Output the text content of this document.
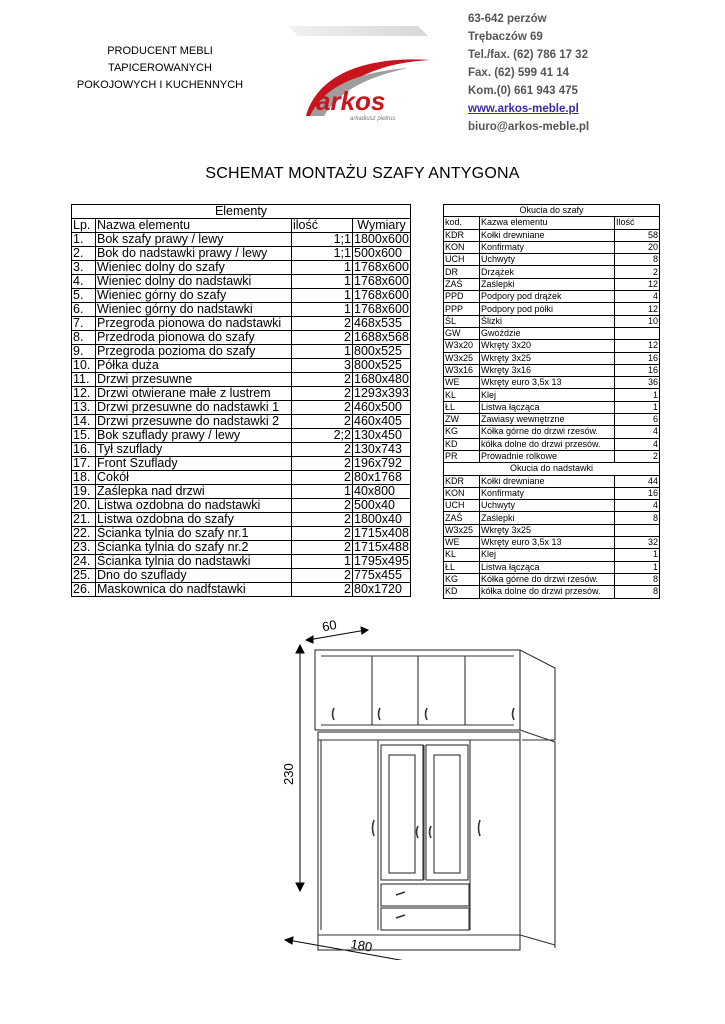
PRODUCENT MEBLI
TAPICEROWANYCH
POKOJOWYCH I KUCHENNYCH
arkos
arkadiusz pietrus
63-642 perzów
Trębaczów 69
Tel./fax. (62) 786 17 32
Fax. (62) 599 41 14
Kom.(0) 661 943 475
www.arkos-meble.pl
biuro@arkos-meble.pl
SCHEMAT MONTAŻU SZAFY ANTYGONA
Elementy			
Lp.	Nazwa elementu	ilość	Wymiary
1.	Bok szafy prawy / lewy	1;1	1800x600
2.	Bok do nadstawki prawy / lewy	1;1	500x600
3.	Wieniec dolny do szafy	1	1768x600
4.	Wieniec dolny do nadstawki	1	1768x600
5.	Wieniec górny do szafy	1	1768x600
6.	Wieniec górny do nadstawki	1	1768x600
7.	Przegroda pionowa do nadstawki	2	468x535
8.	Przedroda pionowa do szafy	2	1688x568
9.	Przegroda pozioma do szafy	1	800x525
10.	Półka duża	3	800x525
11.	Drzwi przesuwne	2	1680x480
12.	Drzwi otwierane małe z lustrem	2	1293x393
13.	Drzwi przesuwne do nadstawki 1	2	460x500
14.	Drzwi przesuwne do nadstawki 2	2	460x405
15.	Bok szuflady prawy / lewy	2;2	130x450
16.	Tył szuflady	2	130x743
17.	Front Szuflady	2	196x792
18.	Cokół	2	80x1768
19.	Zaślepka nad drzwi	1	40x800
20.	Listwa ozdobna do nadstawki	2	500x40
21.	Listwa ozdobna do szafy	2	1800x40
22.	Ścianka tylnia do szafy nr.1	2	1715x408
23.	Ścianka tylnia do szafy nr.2	2	1715x488
24.	Ścianka tylnia do nadstawki	1	1795x495
25.	Dno do szuflady	2	775x455
26.	Maskownica do nadfstawki	2	80x1720
Okucia do szafy		
kod.	Kazwa elementu	Ilość
KDR	Kołki drewniane	58
KON	Konfirmaty	20
UCH	Uchwyty	8
DR	Drzążek	2
ZAŚ	Zaślepki	12
PPD	Podpory pod drążek	4
PPP	Podpory pod półki	12
ŚL	Ślizki	10
GW	Gwoździe	
W3x20	Wkręty 3x20	12
W3x25	Wkręty 3x25	16
W3x16	Wkręty 3x16	16
WE	Wkręty euro 3,5x 13	36
KL	Klej	1
ŁL	Listwa łącząca	1
ZW	Zawiasy wewnętrzne	6
KG	Kółka górne do drzwi rzesów.	4
KD	kółka dolne do drzwi przesów.	4
PR	Prowadnie rolkowe	2
Okucia do nadstawki		
KDR	Kołki drewniane	44
KON	Konfirmaty	16
UCH	Uchwyty	4
ZAŚ	Zaślepki	8
W3x25	Wkręty 3x25	
WE	Wkręty euro 3,5x 13	32
KL	Klej	1
ŁL	Listwa łącząca	1
KG	Kółka górne do drzwi rzesów.	8
KD	kółka dolne do drzwi przesów.	8
60
230
180
